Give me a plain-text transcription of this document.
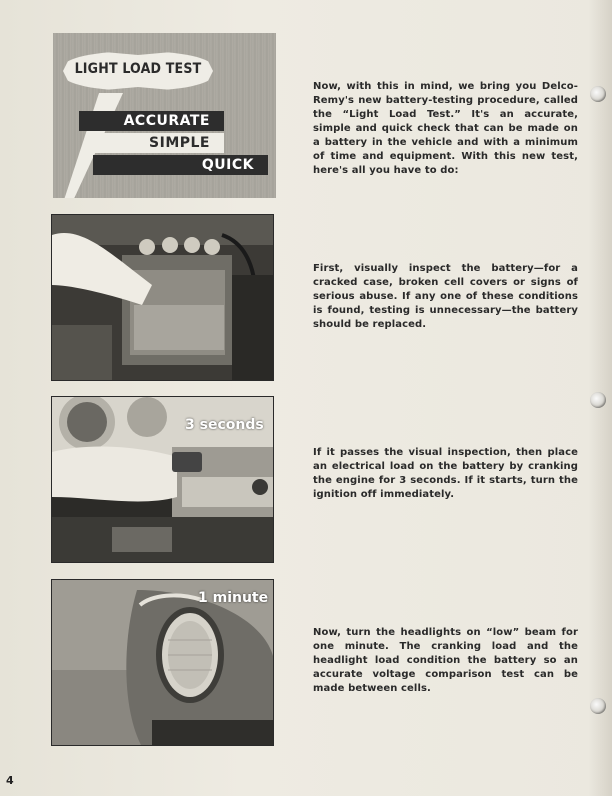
LIGHT LOAD TEST
ACCURATE
SIMPLE
QUICK
Now, with this in mind, we bring you Delco-Remy's new battery-testing procedure, called the “Light Load Test.” It's an accurate, simple and quick check that can be made on a battery in the vehicle and with a minimum of time and equipment. With this new test, here's all you have to do:
First, visually inspect the battery—for a cracked case, broken cell covers or signs of serious abuse. If any one of these conditions is found, testing is unnecessary—the battery should be replaced.
3 seconds
If it passes the visual inspection, then place an electrical load on the battery by cranking the engine for 3 seconds. If it starts, turn the ignition off immediately.
1 minute
Now, turn the headlights on “low” beam for one minute. The cranking load and the headlight load condition the battery so an accurate voltage comparison test can be made between cells.
4
